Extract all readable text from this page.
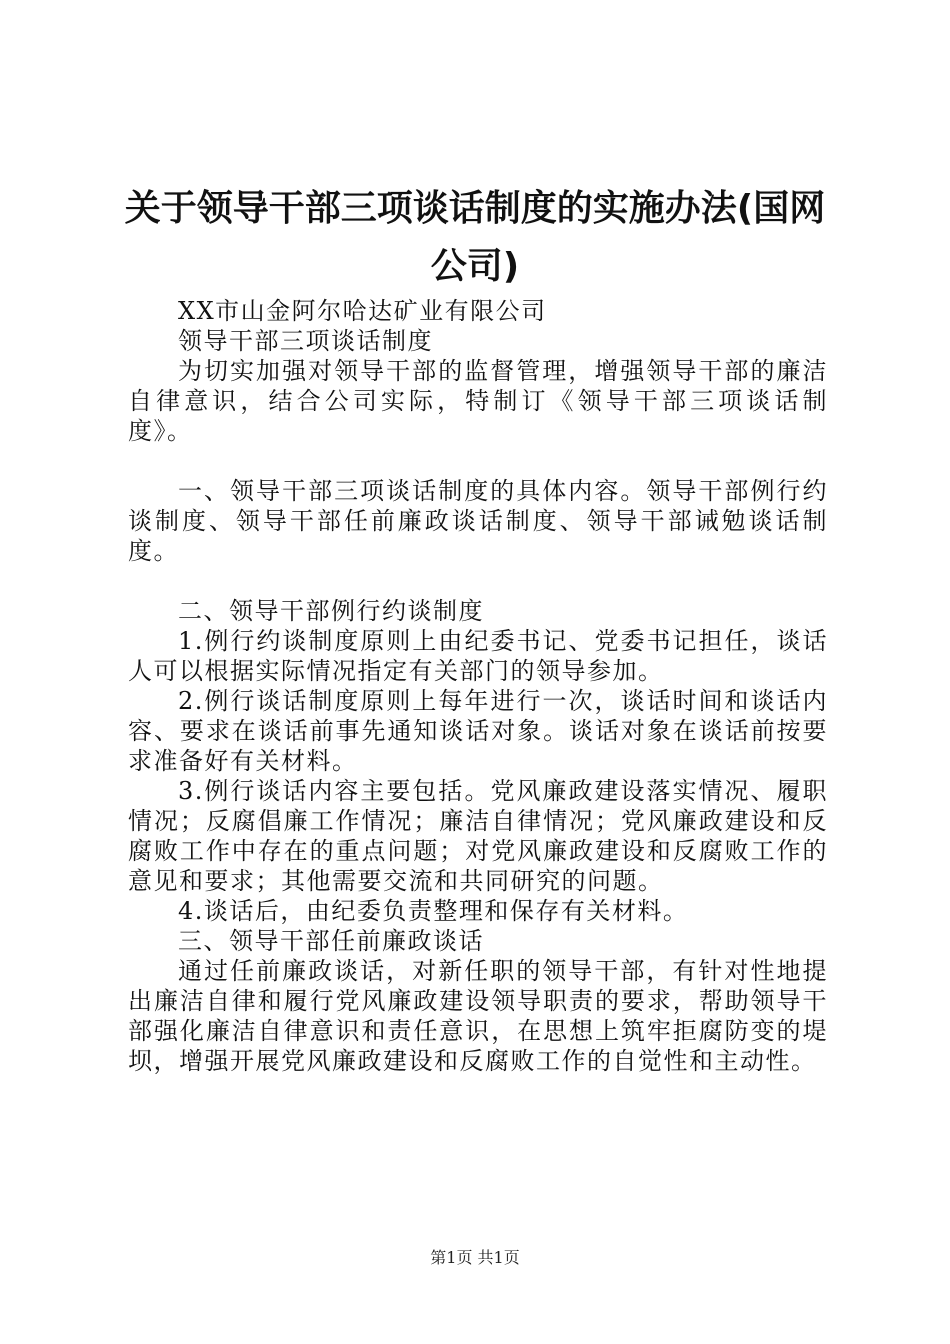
关于领导干部三项谈话制度的实施办法(国网公司)

XX市山金阿尔哈达矿业有限公司

领导干部三项谈话制度

为切实加强对领导干部的监督管理，增强领导干部的廉洁自律意识，结合公司实际，特制订《领导干部三项谈话制度》。

一、领导干部三项谈话制度的具体内容。领导干部例行约谈制度、领导干部任前廉政谈话制度、领导干部诫勉谈话制度。

二、领导干部例行约谈制度

1.例行约谈制度原则上由纪委书记、党委书记担任，谈话人可以根据实际情况指定有关部门的领导参加。

2.例行谈话制度原则上每年进行一次，谈话时间和谈话内容、要求在谈话前事先通知谈话对象。谈话对象在谈话前按要求准备好有关材料。

3.例行谈话内容主要包括。党风廉政建设落实情况、履职情况；反腐倡廉工作情况；廉洁自律情况；党风廉政建设和反腐败工作中存在的重点问题；对党风廉政建设和反腐败工作的意见和要求；其他需要交流和共同研究的问题。

4.谈话后，由纪委负责整理和保存有关材料。

三、领导干部任前廉政谈话

通过任前廉政谈话，对新任职的领导干部，有针对性地提出廉洁自律和履行党风廉政建设领导职责的要求，帮助领导干部强化廉洁自律意识和责任意识，在思想上筑牢拒腐防变的堤坝，增强开展党风廉政建设和反腐败工作的自觉性和主动性。

第1页 共1页
